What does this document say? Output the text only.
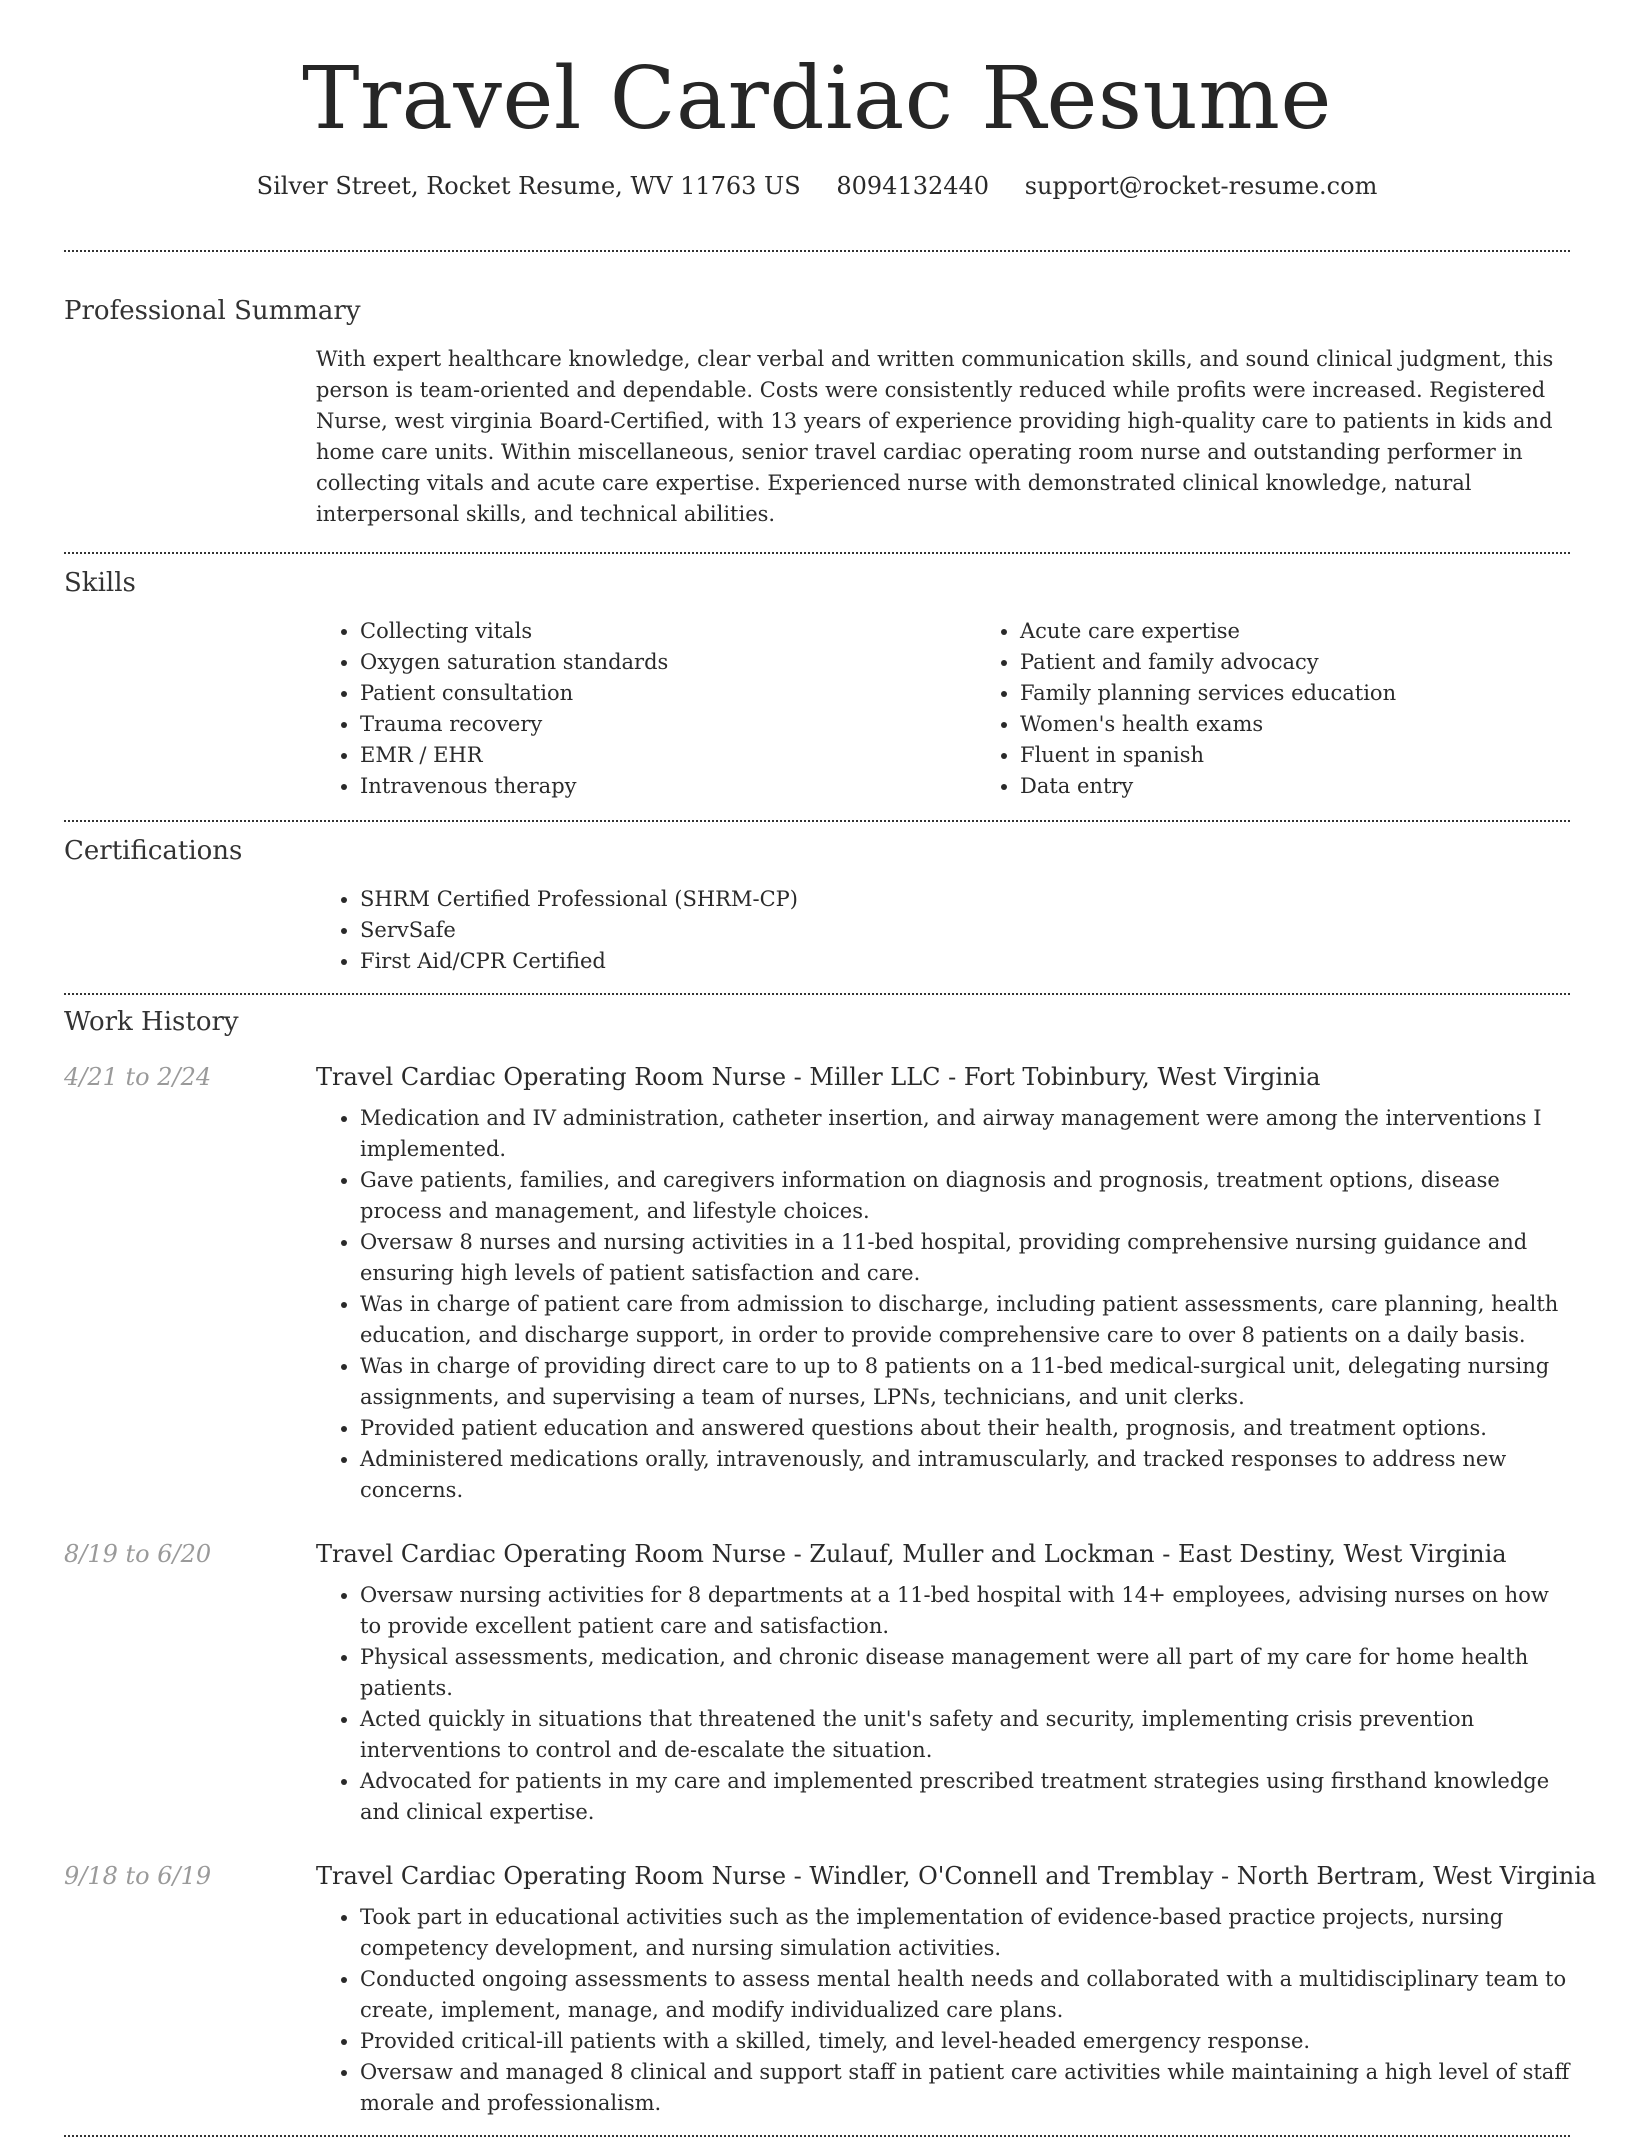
Travel Cardiac Resume
Silver Street, Rocket Resume, WV 11763 US 8094132440 support@rocket-resume.com
Professional Summary

With expert healthcare knowledge, clear verbal and written communication skills, and sound clinical judgment, this person is team-oriented and dependable. Costs were consistently reduced while profits were increased. Registered Nurse, west virginia Board-Certified, with 13 years of experience providing high-quality care to patients in kids and home care units. Within miscellaneous, senior travel cardiac operating room nurse and outstanding performer in collecting vitals and acute care expertise. Experienced nurse with demonstrated clinical knowledge, natural interpersonal skills, and technical abilities.

Skills
• Collecting vitals
• Oxygen saturation standards
• Patient consultation
• Trauma recovery
• EMR / EHR
• Intravenous therapy
• Acute care expertise
• Patient and family advocacy
• Family planning services education
• Women's health exams
• Fluent in spanish
• Data entry
Certifications
• SHRM Certified Professional (SHRM-CP)
• ServSafe
• First Aid/CPR Certified
Work History
4/21 to 2/24	Travel Cardiac Operating Room Nurse - Miller LLC - Fort Tobinbury, West Virginia
• Medication and IV administration, catheter insertion, and airway management were among the interventions I implemented.
• Gave patients, families, and caregivers information on diagnosis and prognosis, treatment options, disease process and management, and lifestyle choices.
• Oversaw 8 nurses and nursing activities in a 11-bed hospital, providing comprehensive nursing guidance and ensuring high levels of patient satisfaction and care.
• Was in charge of patient care from admission to discharge, including patient assessments, care planning, health education, and discharge support, in order to provide comprehensive care to over 8 patients on a daily basis.
• Was in charge of providing direct care to up to 8 patients on a 11-bed medical-surgical unit, delegating nursing assignments, and supervising a team of nurses, LPNs, technicians, and unit clerks.
• Provided patient education and answered questions about their health, prognosis, and treatment options.
• Administered medications orally, intravenously, and intramuscularly, and tracked responses to address new concerns.
8/19 to 6/20	Travel Cardiac Operating Room Nurse - Zulauf, Muller and Lockman - East Destiny, West Virginia
• Oversaw nursing activities for 8 departments at a 11-bed hospital with 14+ employees, advising nurses on how to provide excellent patient care and satisfaction.
• Physical assessments, medication, and chronic disease management were all part of my care for home health patients.
• Acted quickly in situations that threatened the unit's safety and security, implementing crisis prevention interventions to control and de-escalate the situation.
• Advocated for patients in my care and implemented prescribed treatment strategies using firsthand knowledge and clinical expertise.
9/18 to 6/19	Travel Cardiac Operating Room Nurse - Windler, O'Connell and Tremblay - North Bertram, West Virginia
• Took part in educational activities such as the implementation of evidence-based practice projects, nursing competency development, and nursing simulation activities.
• Conducted ongoing assessments to assess mental health needs and collaborated with a multidisciplinary team to create, implement, manage, and modify individualized care plans.
• Provided critical-ill patients with a skilled, timely, and level-headed emergency response.
• Oversaw and managed 8 clinical and support staff in patient care activities while maintaining a high level of staff morale and professionalism.
